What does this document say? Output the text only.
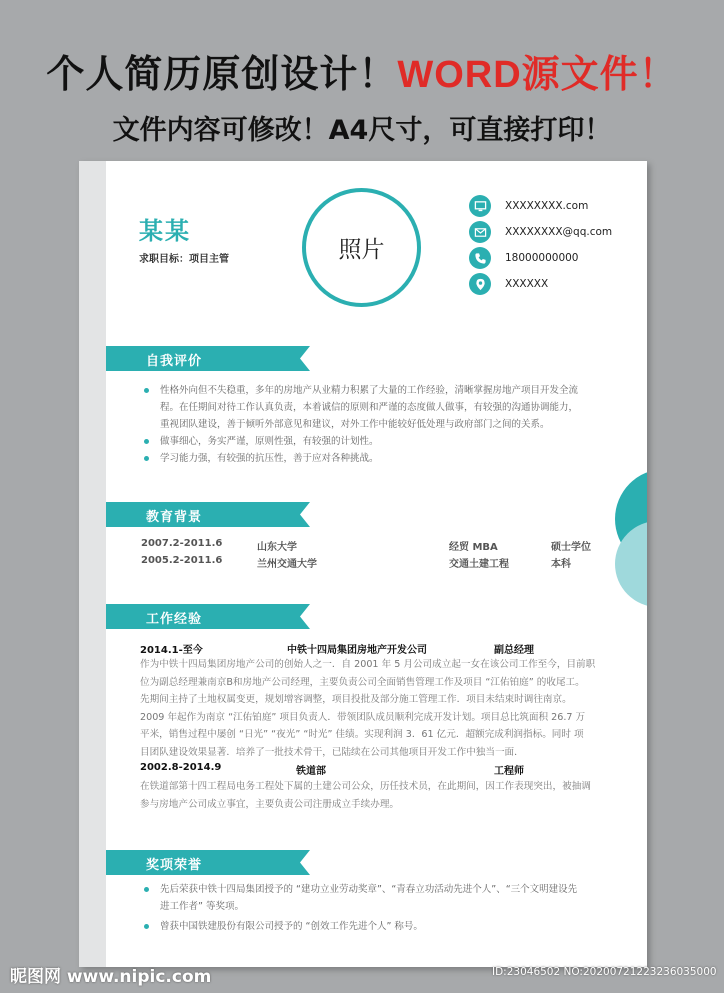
个人简历原创设计！WORD源文件！
文件内容可修改！A4尺寸，可直接打印！
某某
求职目标：项目主管	照片
XXXXXXXX.com
XXXXXXXX@qq.com
18000000000
XXXXXX
自我评价
性格外向但不失稳重，多年的房地产从业精力积累了大量的工作经验，清晰掌握房地产项目开发全流
程。在任期间对待工作认真负责，本着诚信的原则和严谨的态度做人做事，有较强的沟通协调能力，
重视团队建设，善于倾听外部意见和建议，对外工作中能较好低处理与政府部门之间的关系。
做事细心，务实严谨，原则性强，有较强的计划性。
学习能力强，有较强的抗压性，善于应对各种挑战。
教育背景
2007.2-2011.6	山东大学	经贸 MBA	硕士学位
2005.2-2011.6	兰州交通大学	交通土建工程	本科
工作经验
2014.1-至今	中铁十四局集团房地产开发公司	副总经理
作为中铁十四局集团房地产公司的创始人之一．自 2001 年 5 月公司成立起一女在该公司工作至今，目前职
位为副总经理兼南京B和房地产公司经理，主要负责公司全面销售管理工作及项目 “江佑铂庭” 的收尾工。
先期间主持了土地权属变更，规划增容调整，项目投批及部分施工管理工作．项目未结束时调往南京。
2009 年起作为南京 “江佑铂庭” 项目负责人．带领团队成员顺利完成开发计划。项目总比筑面积 26.7 万
平米，销售过程中屡创 “日光” “夜光” “时光” 佳绩。实现利润 3．61 亿元．超额完成利润指标。同时 项
目团队建设效果显著．培养了一批技术骨干，已陆续在公司其他项目开发工作中独当一面．
2002.8-2014.9	铁道部	工程师
在铁道部第十四工程局电务工程处下属的土建公司公众，历任技术员，在此期间，因工作表现突出，被抽调
参与房地产公司成立事宜，主要负责公司注册成立手续办理。
奖项荣誉
先后荣获中铁十四局集团授予的 “建功立业劳动奖章”、“青春立功活动先进个人”、“三个文明建设先
进工作者” 等奖项。
曾获中国铁建股份有限公司授予的 “创效工作先进个人” 称号。
昵图网 www.nipic.com	ID:23046502 NO:20200721223236035000
